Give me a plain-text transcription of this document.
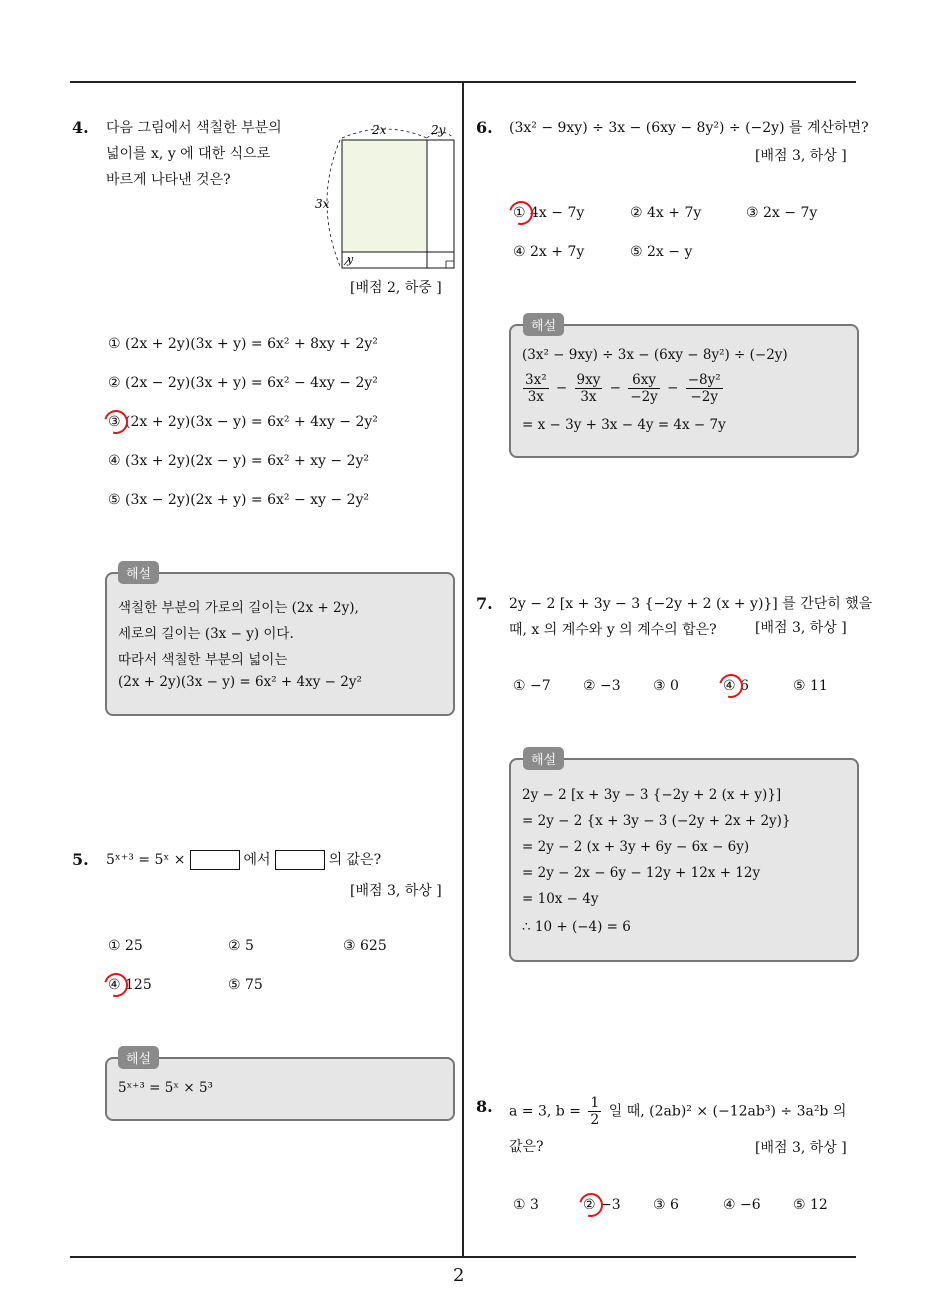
2
4. 다음 그림에서 색칠한 부분의
넓이를 x, y 에 대한 식으로
바르게 나타낸 것은?
2x	2y
3x
y
[배점 2, 하중 ]
① (2x + 2y)(3x + y) = 6x² + 8xy + 2y²
② (2x − 2y)(3x + y) = 6x² − 4xy − 2y²
③ (2x + 2y)(3x − y) = 6x² + 4xy − 2y²
④ (3x + 2y)(2x − y) = 6x² + xy − 2y²
⑤ (3x − 2y)(2x + y) = 6x² − xy − 2y²
해설
색칠한 부분의 가로의 길이는 (2x + 2y),
세로의 길이는 (3x − y) 이다.
따라서 색칠한 부분의 넓이는
(2x + 2y)(3x − y) = 6x² + 4xy − 2y²
5. 5ˣ⁺³ = 5ˣ ×	에서	의 값은?
[배점 3, 하상 ]
① 25	② 5	③ 625
④ 125	⑤ 75
해설
5ˣ⁺³ = 5ˣ × 5³
6. (3x² − 9xy) ÷ 3x − (6xy − 8y²) ÷ (−2y) 를 계산하면?
[배점 3, 하상 ]
① 4x − 7y	② 4x + 7y	③ 2x − 7y
④ 2x + 7y	⑤ 2x − y
해설
(3x² − 9xy) ÷ 3x − (6xy − 8y²) ÷ (−2y)
$\frac{\text{3x²}}{3x} - \frac{9xy}{3x} - \frac{6xy}{-2y} - \frac{\text{−8y²}}{-2y}$
= x − 3y + 3x − 4y = 4x − 7y
7. 2y − 2 [x + 3y − 3 {−2y + 2 (x + y)}] 를 간단히 했을
때, x 의 계수와 y 의 계수의 합은?	[배점 3, 하상 ]
① −7 ② −3 ③ 0	④ 6	⑤ 11
해설
2y − 2 [x + 3y − 3 {−2y + 2 (x + y)}]
= 2y − 2 {x + 3y − 3 (−2y + 2x + 2y)}
= 2y − 2 (x + 3y + 6y − 6x − 6y)
= 2y − 2x − 6y − 12y + 12x + 12y
= 10x − 4y
∴ 10 + (−4) = 6
8. a = 3, $b = \frac{1}{2}$ 일 때, (2ab)² × (−12ab³) ÷ 3a²b 의
값은?	[배점 3, 하상 ]
① 3	② −3 ③ 6	④ −6 ⑤ 12
